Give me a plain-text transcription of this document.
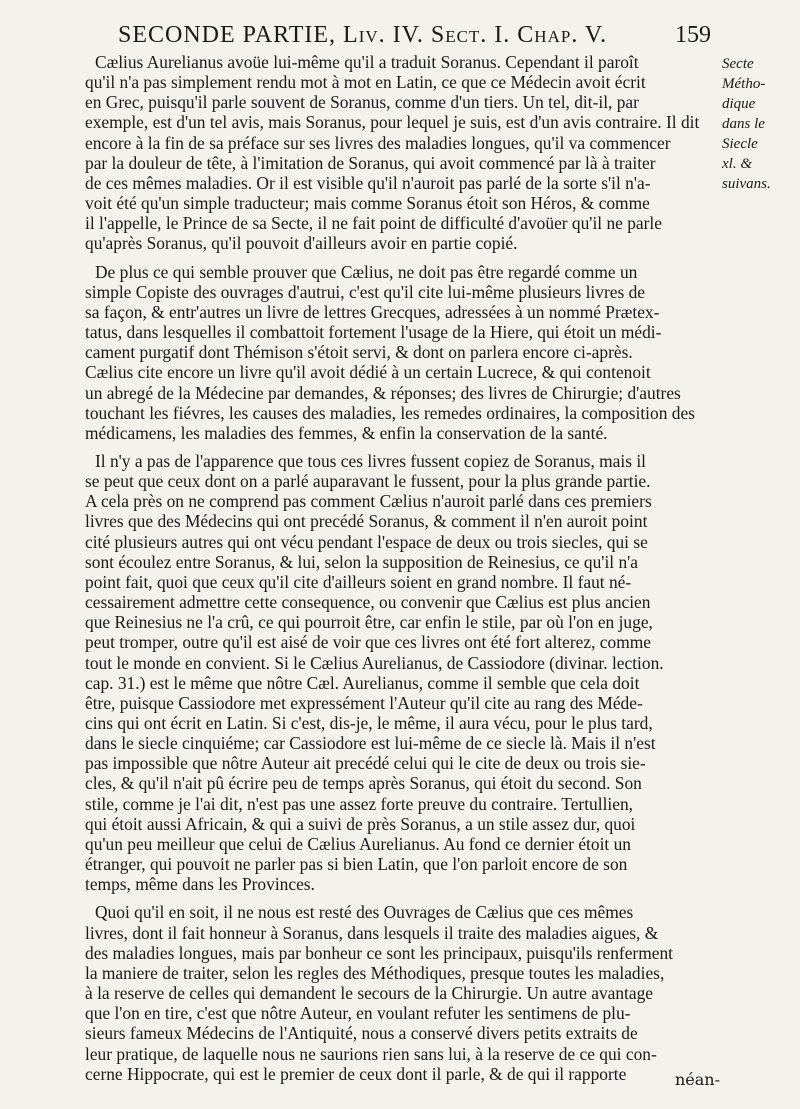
SECONDE PARTIE, Liv. IV. Sect. I. Chap. V.	159
Secte
Métho-
dique
dans le
Siecle
xl. &
suivans.
Cælius Aurelianus avoüe lui-même qu'il a traduit Soranus. Cependant il paroît
qu'il n'a pas simplement rendu mot à mot en Latin, ce que ce Médecin avoit écrit
en Grec, puisqu'il parle souvent de Soranus, comme d'un tiers. Un tel, dit-il, par
exemple, est d'un tel avis, mais Soranus, pour lequel je suis, est d'un avis contraire. Il dit
encore à la fin de sa préface sur ses livres des maladies longues, qu'il va commencer
par la douleur de tête, à l'imitation de Soranus, qui avoit commencé par là à traiter
de ces mêmes maladies. Or il est visible qu'il n'auroit pas parlé de la sorte s'il n'a-
voit été qu'un simple traducteur; mais comme Soranus étoit son Héros, & comme
il l'appelle, le Prince de sa Secte, il ne fait point de difficulté d'avoüer qu'il ne parle
qu'après Soranus, qu'il pouvoit d'ailleurs avoir en partie copié.
De plus ce qui semble prouver que Cælius, ne doit pas être regardé comme un
simple Copiste des ouvrages d'autrui, c'est qu'il cite lui-même plusieurs livres de
sa façon, & entr'autres un livre de lettres Grecques, adressées à un nommé Prætex-
tatus, dans lesquelles il combattoit fortement l'usage de la Hiere, qui étoit un médi-
cament purgatif dont Thémison s'étoit servi, & dont on parlera encore ci-après.
Cælius cite encore un livre qu'il avoit dédié à un certain Lucrece, & qui contenoit
un abregé de la Médecine par demandes, & réponses; des livres de Chirurgie; d'autres
touchant les fiévres, les causes des maladies, les remedes ordinaires, la composition des
médicamens, les maladies des femmes, & enfin la conservation de la santé.
Il n'y a pas de l'apparence que tous ces livres fussent copiez de Soranus, mais il
se peut que ceux dont on a parlé auparavant le fussent, pour la plus grande partie.
A cela près on ne comprend pas comment Cælius n'auroit parlé dans ces premiers
livres que des Médecins qui ont precédé Soranus, & comment il n'en auroit point
cité plusieurs autres qui ont vécu pendant l'espace de deux ou trois siecles, qui se
sont écoulez entre Soranus, & lui, selon la supposition de Reinesius, ce qu'il n'a
point fait, quoi que ceux qu'il cite d'ailleurs soient en grand nombre. Il faut né-
cessairement admettre cette consequence, ou convenir que Cælius est plus ancien
que Reinesius ne l'a crû, ce qui pourroit être, car enfin le stile, par où l'on en juge,
peut tromper, outre qu'il est aisé de voir que ces livres ont été fort alterez, comme
tout le monde en convient. Si le Cælius Aurelianus, de Cassiodore (divinar. lection.
cap. 31.) est le même que nôtre Cæl. Aurelianus, comme il semble que cela doit
être, puisque Cassiodore met expressément l'Auteur qu'il cite au rang des Méde-
cins qui ont écrit en Latin. Si c'est, dis-je, le même, il aura vécu, pour le plus tard,
dans le siecle cinquiéme; car Cassiodore est lui-même de ce siecle là. Mais il n'est
pas impossible que nôtre Auteur ait precédé celui qui le cite de deux ou trois sie-
cles, & qu'il n'ait pû écrire peu de temps après Soranus, qui étoit du second. Son
stile, comme je l'ai dit, n'est pas une assez forte preuve du contraire. Tertullien,
qui étoit aussi Africain, & qui a suivi de près Soranus, a un stile assez dur, quoi
qu'un peu meilleur que celui de Cælius Aurelianus. Au fond ce dernier étoit un
étranger, qui pouvoit ne parler pas si bien Latin, que l'on parloit encore de son
temps, même dans les Provinces.
Quoi qu'il en soit, il ne nous est resté des Ouvrages de Cælius que ces mêmes
livres, dont il fait honneur à Soranus, dans lesquels il traite des maladies aigues, &
des maladies longues, mais par bonheur ce sont les principaux, puisqu'ils renferment
la maniere de traiter, selon les regles des Méthodiques, presque toutes les maladies,
à la reserve de celles qui demandent le secours de la Chirurgie. Un autre avantage
que l'on en tire, c'est que nôtre Auteur, en voulant refuter les sentimens de plu-
sieurs fameux Médecins de l'Antiquité, nous a conservé divers petits extraits de
leur pratique, de laquelle nous ne saurions rien sans lui, à la reserve de ce qui con-
cerne Hippocrate, qui est le premier de ceux dont il parle, & de qui il rapporte	néan-
